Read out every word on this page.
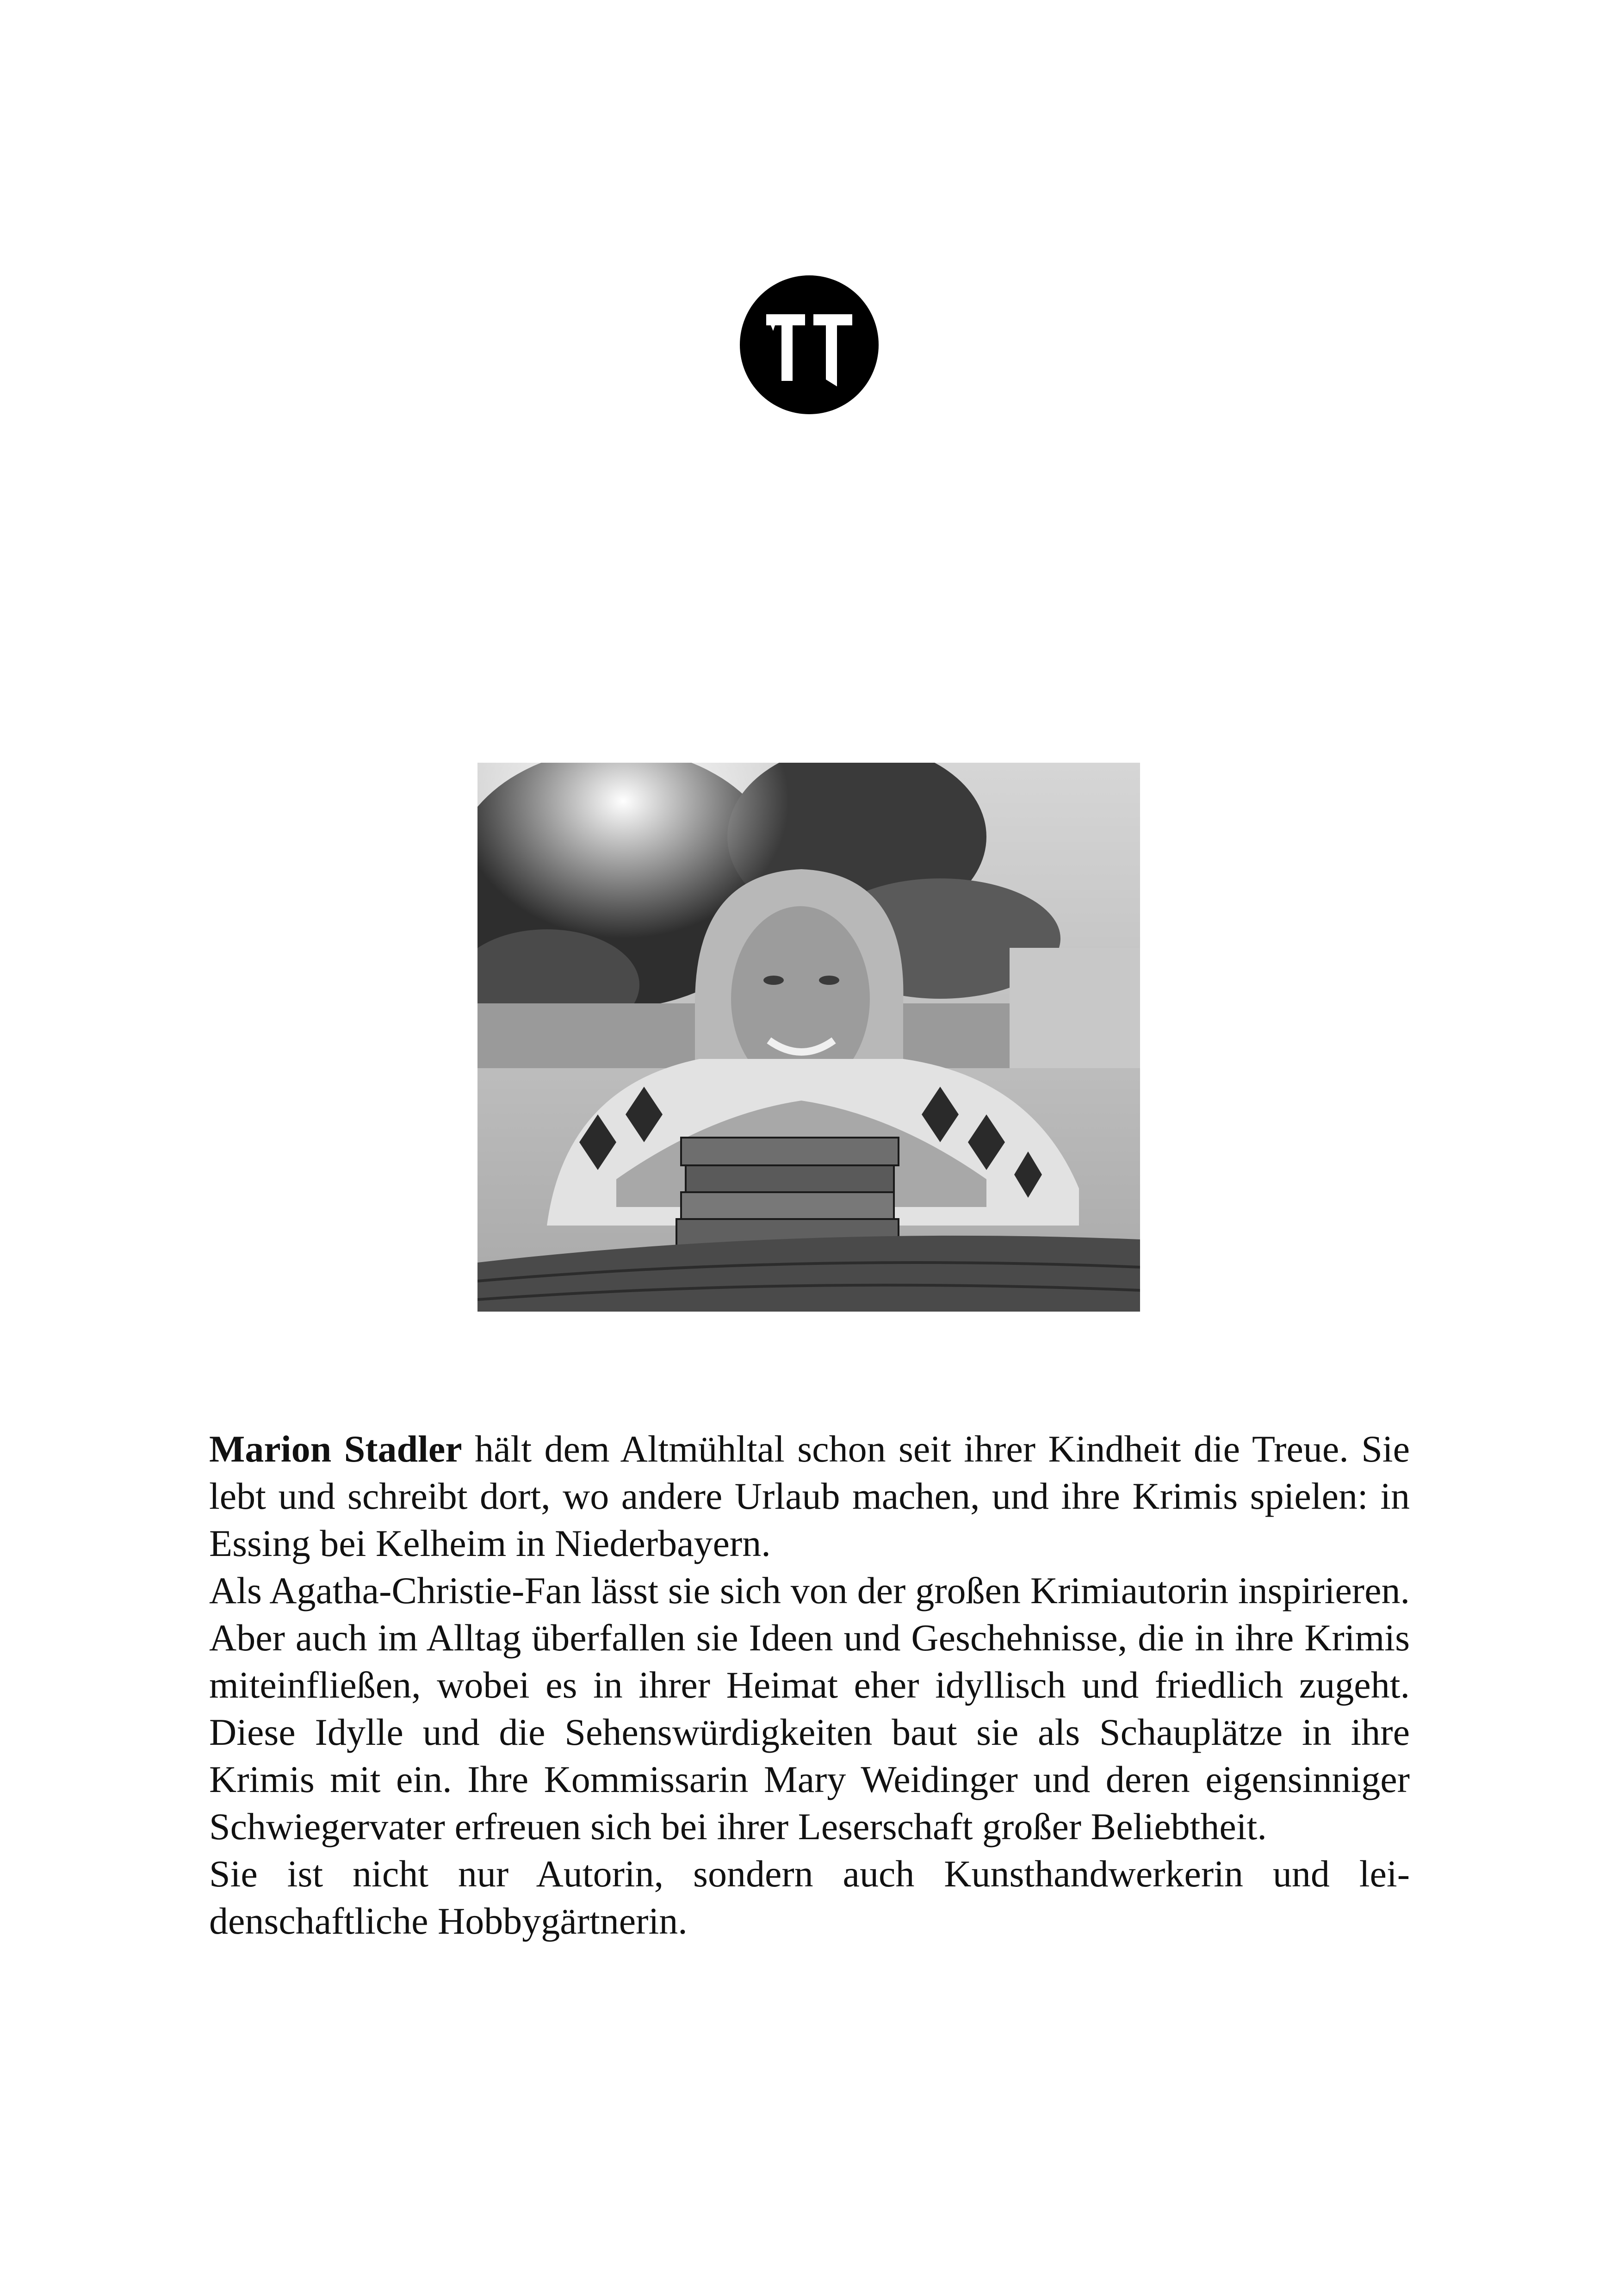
Marion Stadler hält dem Altmühltal schon seit ihrer Kindheit die Treue. Sie lebt und schreibt dort, wo andere Urlaub machen, und ihre Krimis spielen: in Essing bei Kelheim in Niederbayern.

Als Agatha-Christie-Fan lässt sie sich von der großen Krimiautorin inspirieren. Aber auch im Alltag überfallen sie Ideen und Geschehnisse, die in ihre Krimis miteinfließen, wobei es in ihrer Heimat eher idyllisch und friedlich zugeht. Diese Idylle und die Sehenswürdigkeiten baut sie als Schauplätze in ihre Krimis mit ein. Ihre Kommissarin Mary Weidinger und deren eigensinniger Schwiegervater erfreuen sich bei ihrer Leserschaft großer Beliebtheit.

Sie ist nicht nur Autorin, sondern auch Kunsthandwerkerin und leidenschaftliche Hobbygärtnerin.
